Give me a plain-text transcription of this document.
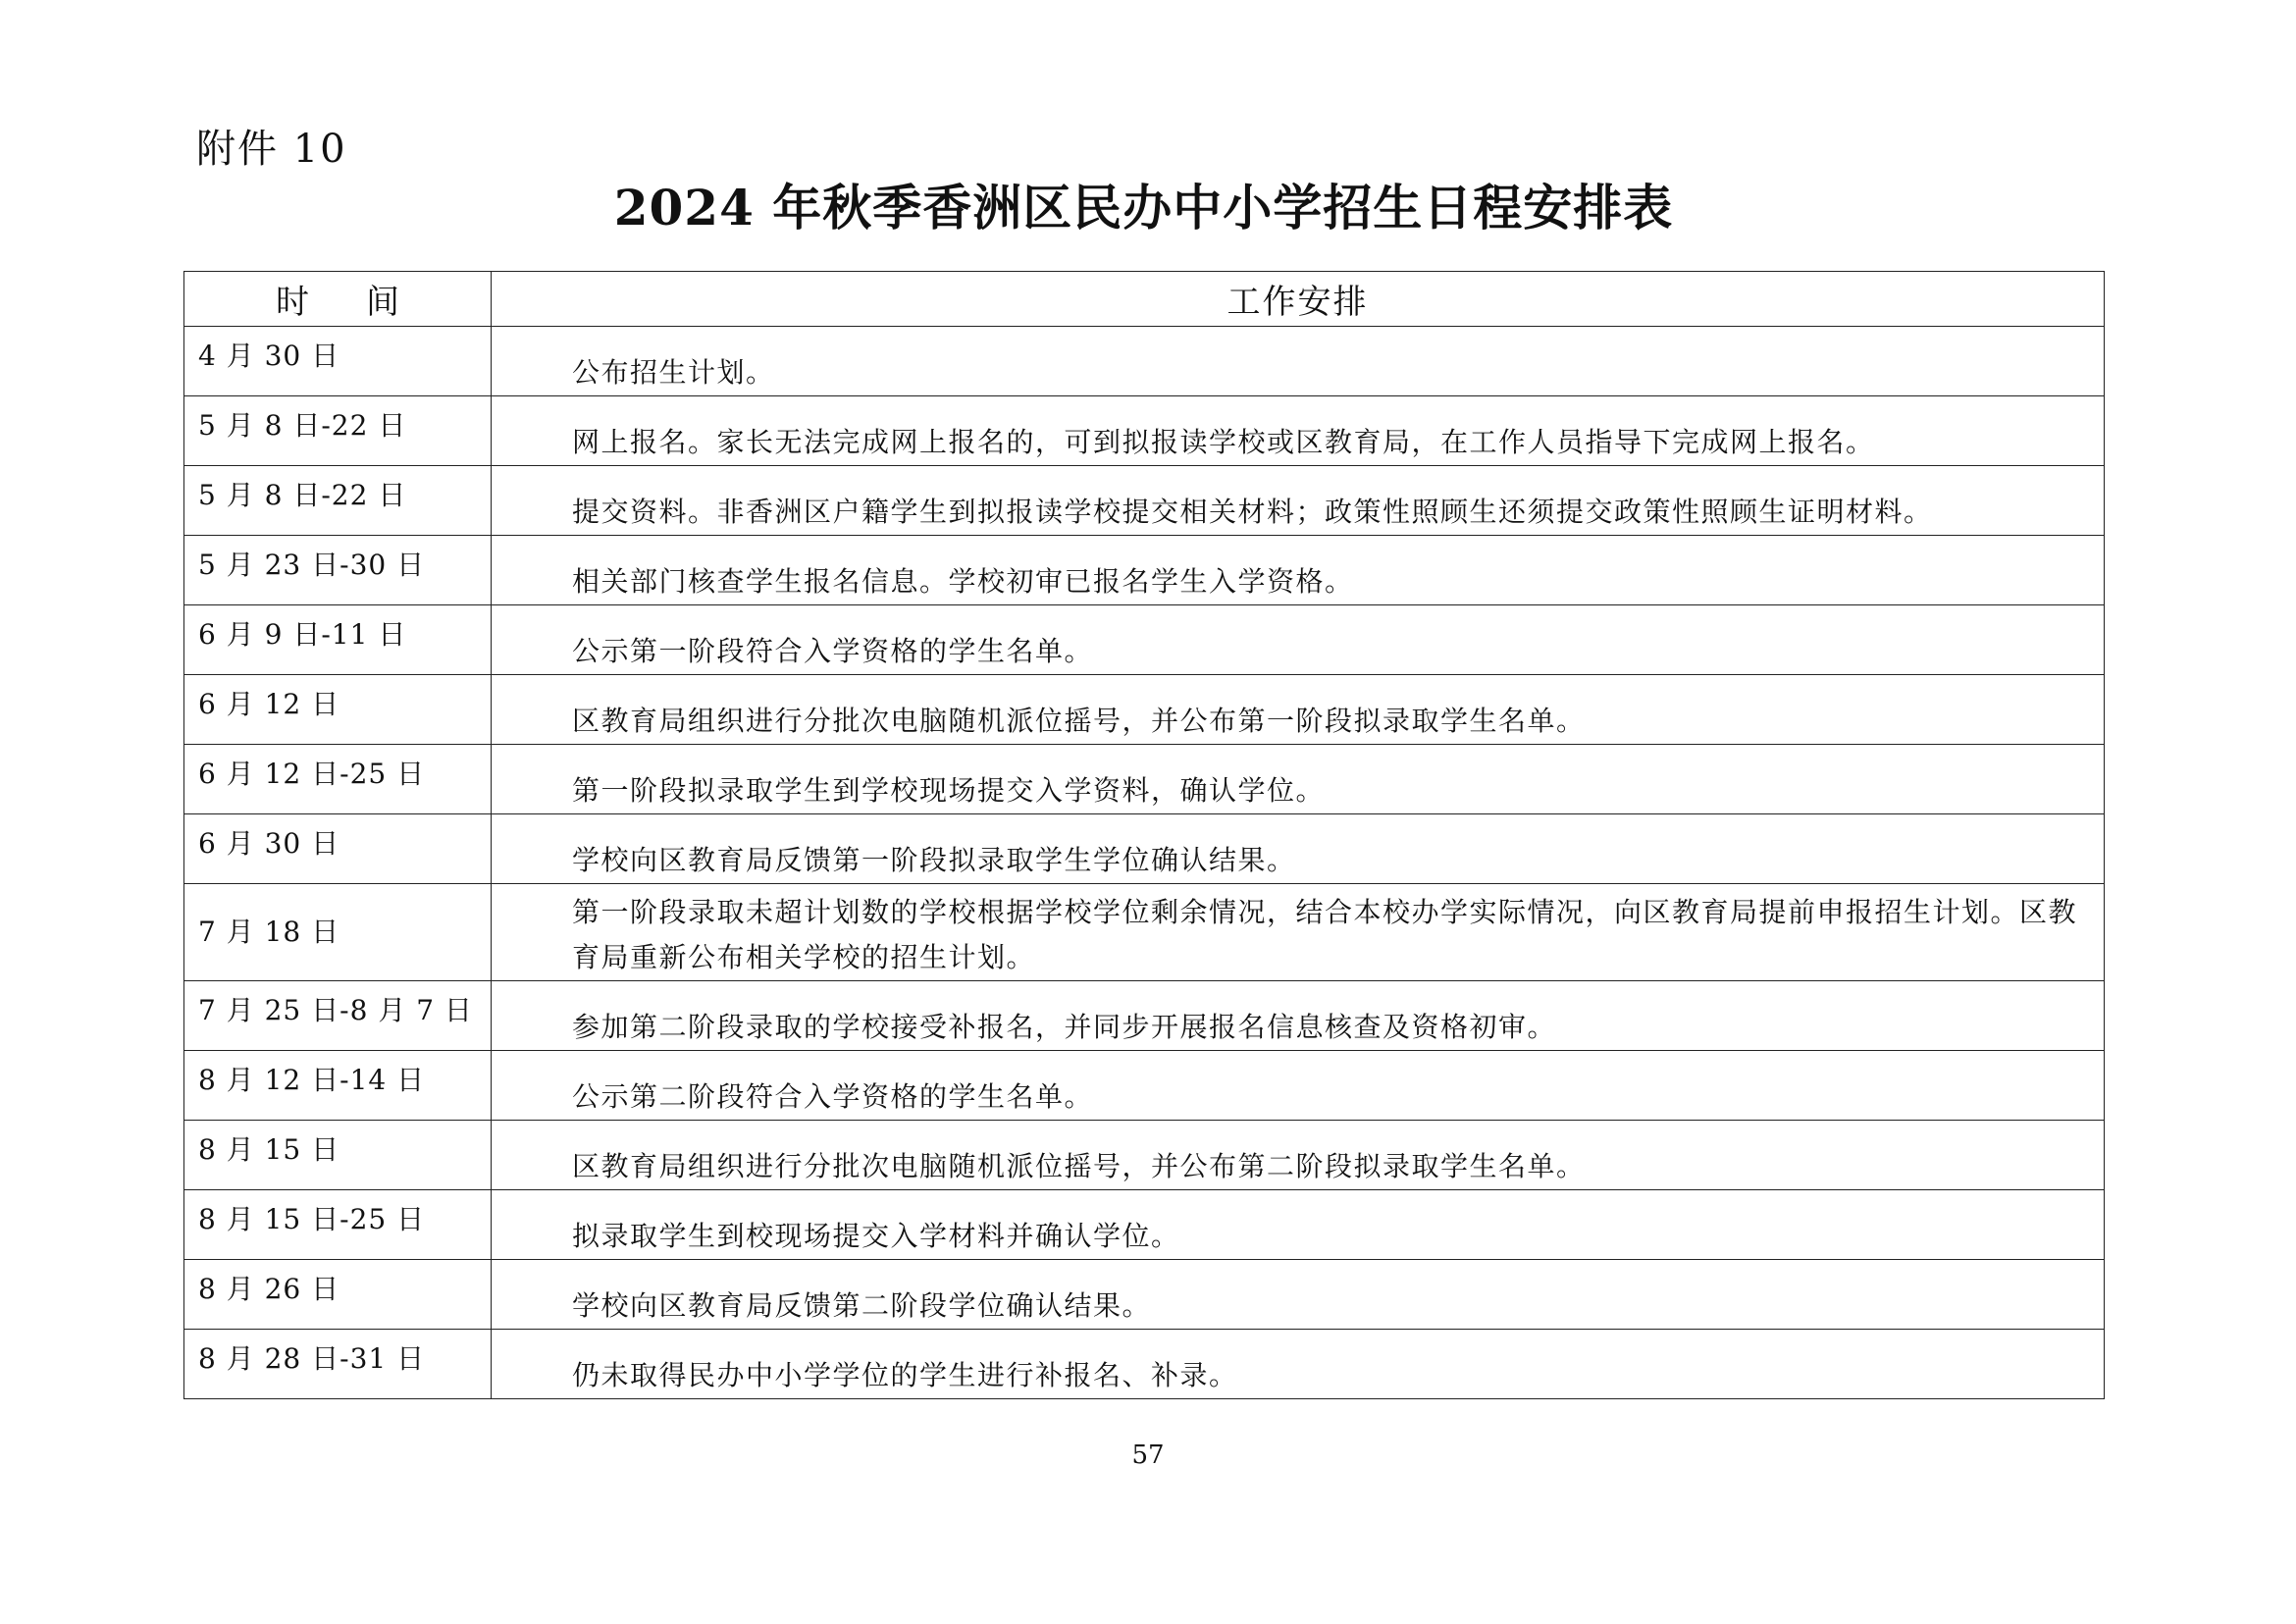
附件 10

2024 年秋季香洲区民办中小学招生日程安排表
时间	工作安排
4 月 30 日	公布招生计划。
5 月 8 日-22 日	网上报名。家长无法完成网上报名的，可到拟报读学校或区教育局，在工作人员指导下完成网上报名。
5 月 8 日-22 日	提交资料。非香洲区户籍学生到拟报读学校提交相关材料；政策性照顾生还须提交政策性照顾生证明材料。
5 月 23 日-30 日	相关部门核查学生报名信息。学校初审已报名学生入学资格。
6 月 9 日-11 日	公示第一阶段符合入学资格的学生名单。
6 月 12 日	区教育局组织进行分批次电脑随机派位摇号，并公布第一阶段拟录取学生名单。
6 月 12 日-25 日	第一阶段拟录取学生到学校现场提交入学资料，确认学位。
6 月 30 日	学校向区教育局反馈第一阶段拟录取学生学位确认结果。
7 月 18 日	第一阶段录取未超计划数的学校根据学校学位剩余情况，结合本校办学实际情况，向区教育局提前申报招生计划。区教育局重新公布相关学校的招生计划。
7 月 25 日-8 月 7 日	参加第二阶段录取的学校接受补报名，并同步开展报名信息核查及资格初审。
8 月 12 日-14 日	公示第二阶段符合入学资格的学生名单。
8 月 15 日	区教育局组织进行分批次电脑随机派位摇号，并公布第二阶段拟录取学生名单。
8 月 15 日-25 日	拟录取学生到校现场提交入学材料并确认学位。
8 月 26 日	学校向区教育局反馈第二阶段学位确认结果。
8 月 28 日-31 日	仍未取得民办中小学学位的学生进行补报名、补录。

57
